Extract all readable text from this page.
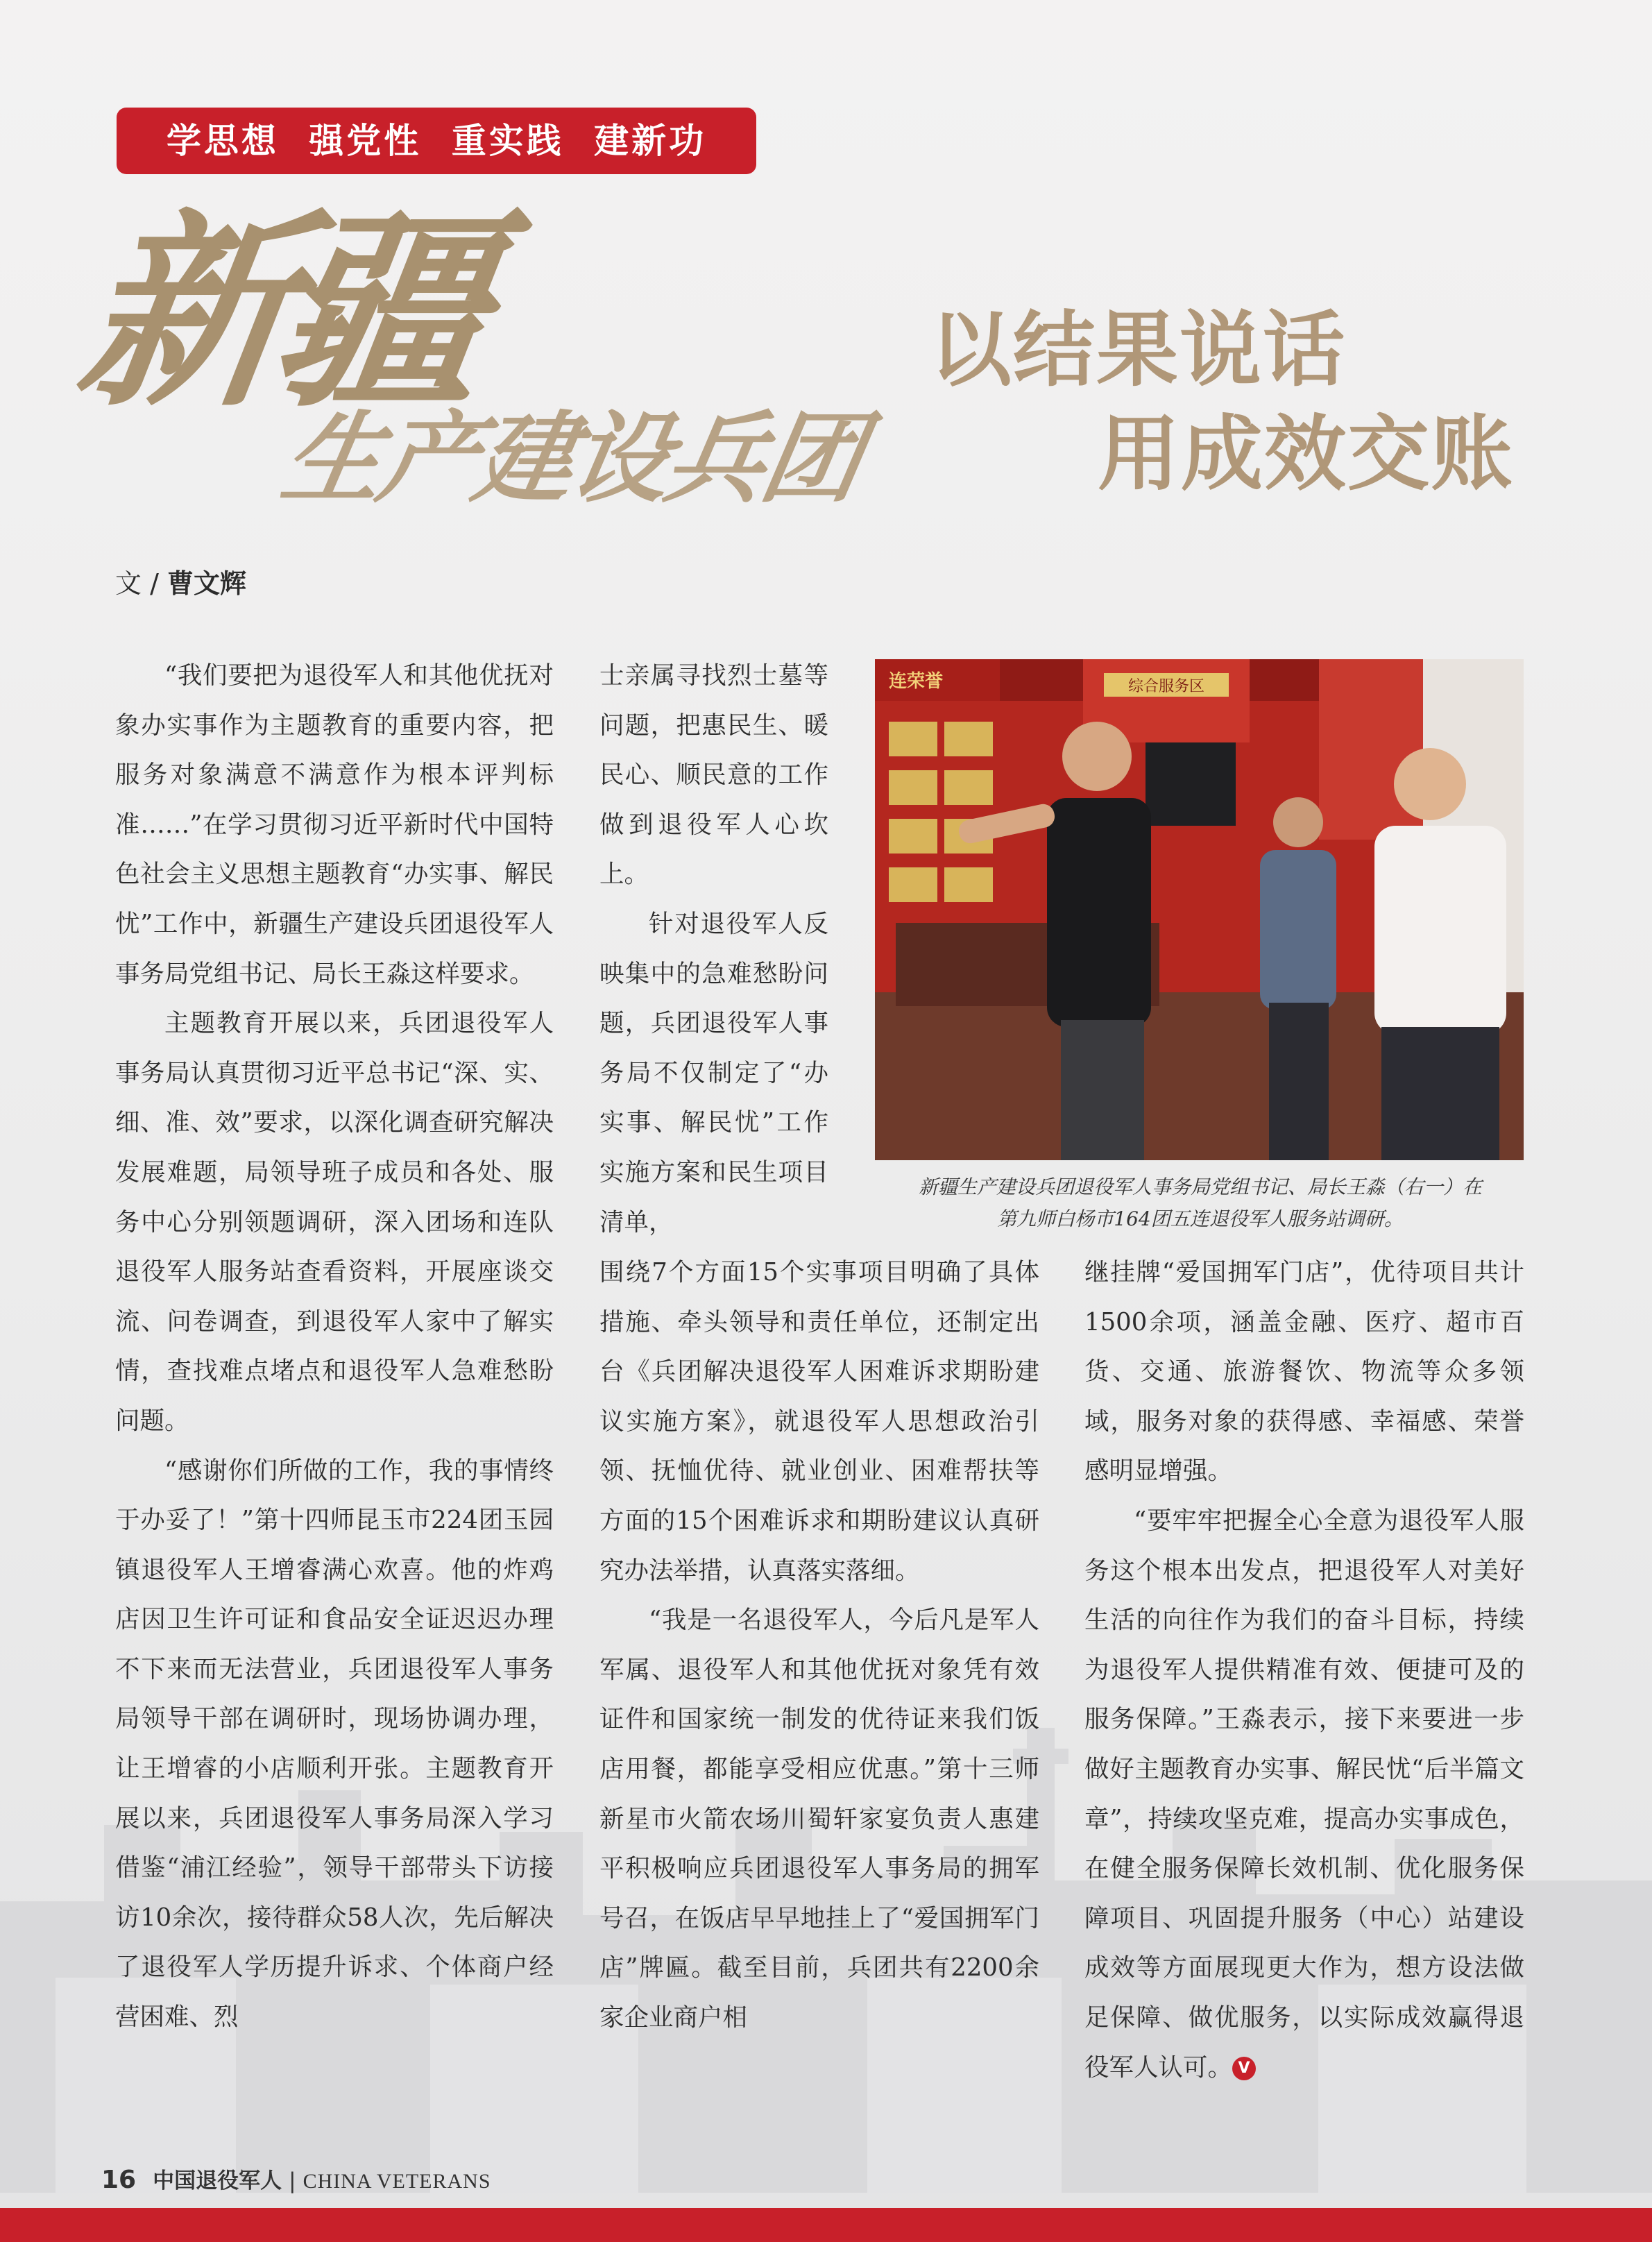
学思想 强党性 重实践 建新功
新疆
生产建设兵团
以结果说话
用成效交账
文 / 曹文辉

“我们要把为退役军人和其他优抚对象办实事作为主题教育的重要内容，把服务对象满意不满意作为根本评判标准……”在学习贯彻习近平新时代中国特色社会主义思想主题教育“办实事、解民忧”工作中，新疆生产建设兵团退役军人事务局党组书记、局长王淼这样要求。

主题教育开展以来，兵团退役军人事务局认真贯彻习近平总书记“深、实、细、准、效”要求，以深化调查研究解决发展难题，局领导班子成员和各处、服务中心分别领题调研，深入团场和连队退役军人服务站查看资料，开展座谈交流、问卷调查，到退役军人家中了解实情，查找难点堵点和退役军人急难愁盼问题。

“感谢你们所做的工作，我的事情终于办妥了！”第十四师昆玉市224团玉园镇退役军人王增睿满心欢喜。他的炸鸡店因卫生许可证和食品安全证迟迟办理不下来而无法营业，兵团退役军人事务局领导干部在调研时，现场协调办理，让王增睿的小店顺利开张。主题教育开展以来，兵团退役军人事务局深入学习借鉴“浦江经验”，领导干部带头下访接访10余次，接待群众58人次，先后解决了退役军人学历提升诉求、个体商户经营困难、烈

士亲属寻找烈士墓等问题，把惠民生、暖民心、顺民意的工作做到退役军人心坎上。

针对退役军人反映集中的急难愁盼问题，兵团退役军人事务局不仅制定了“办实事、解民忧”工作实施方案和民生项目清单，

综合服务区
连荣誉
新疆生产建设兵团退役军人事务局党组书记、局长王淼（右一）在
第九师白杨市164团五连退役军人服务站调研。

围绕7个方面15个实事项目明确了具体措施、牵头领导和责任单位，还制定出台《兵团解决退役军人困难诉求期盼建议实施方案》，就退役军人思想政治引领、抚恤优待、就业创业、困难帮扶等方面的15个困难诉求和期盼建议认真研究办法举措，认真落实落细。

“我是一名退役军人，今后凡是军人军属、退役军人和其他优抚对象凭有效证件和国家统一制发的优待证来我们饭店用餐，都能享受相应优惠。”第十三师新星市火箭农场川蜀轩家宴负责人惠建平积极响应兵团退役军人事务局的拥军号召，在饭店早早地挂上了“爱国拥军门店”牌匾。截至目前，兵团共有2200余家企业商户相

继挂牌“爱国拥军门店”，优待项目共计1500余项，涵盖金融、医疗、超市百货、交通、旅游餐饮、物流等众多领域，服务对象的获得感、幸福感、荣誉感明显增强。

“要牢牢把握全心全意为退役军人服务这个根本出发点，把退役军人对美好生活的向往作为我们的奋斗目标，持续为退役军人提供精准有效、便捷可及的服务保障。”王淼表示，接下来要进一步做好主题教育办实事、解民忧“后半篇文章”，持续攻坚克难，提高办实事成色，在健全服务保障长效机制、优化服务保障项目、巩固提升服务（中心）站建设成效等方面展现更大作为，想方设法做足保障、做优服务，以实际成效赢得退役军人认可。 V

16 中国退役军人 | CHINA VETERANS
